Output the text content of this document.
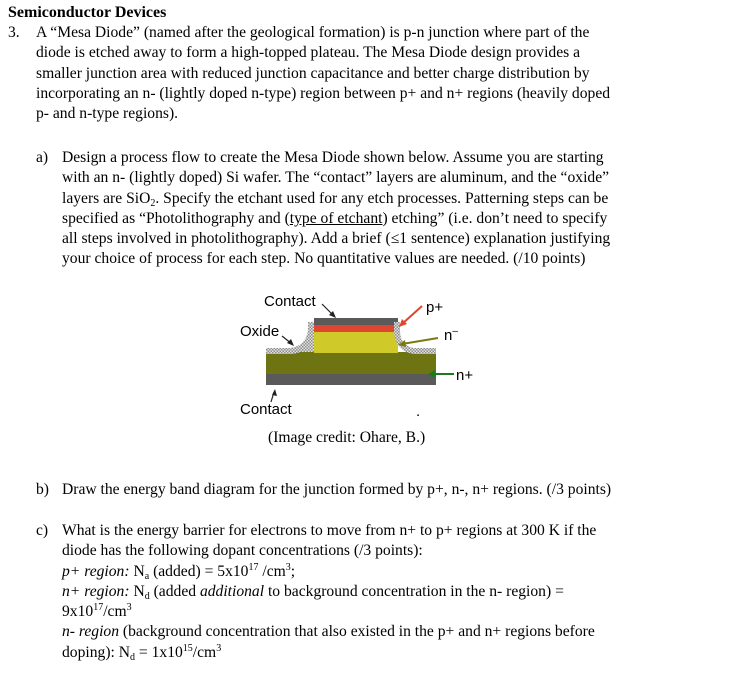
Semiconductor Devices
3. A “Mesa Diode” (named after the geological formation) is p-n junction where part of the
diode is etched away to form a high-topped plateau. The Mesa Diode design provides a
smaller junction area with reduced junction capacitance and better charge distribution by
incorporating an n- (lightly doped n-type) region between p+ and n+ regions (heavily doped
p- and n-type regions).
a) Design a process flow to create the Mesa Diode shown below. Assume you are starting
with an n- (lightly doped) Si wafer. The “contact” layers are aluminum, and the “oxide”
layers are SiO$_2$. Specify the etchant used for any etch processes. Patterning steps can be
specified as “Photolithography and (type of etchant) etching” (i.e. don’t need to specify
all steps involved in photolithography). Add a brief (≤1 sentence) explanation justifying
your choice of process for each step. No quantitative values are needed. (/10 points)
Contact
Oxide
p+
n–
n+
Contact	.
(Image credit: Ohare, B.)
b) Draw the energy band diagram for the junction formed by p+, n-, n+ regions. (/3 points)
c) What is the energy barrier for electrons to move from n+ to p+ regions at 300 K if the
diode has the following dopant concentrations (/3 points):
p+ region: $N_a$ (added) = $5x10^{17}$ $/cm^3$;
n+ region: $N_d$ (added additional to background concentration in the n- region) =
$9x10^{17}/cm^3$
n- region (background concentration that also existed in the p+ and n+ regions before
doping): $N_d = 1x10^{15}/cm^3$
